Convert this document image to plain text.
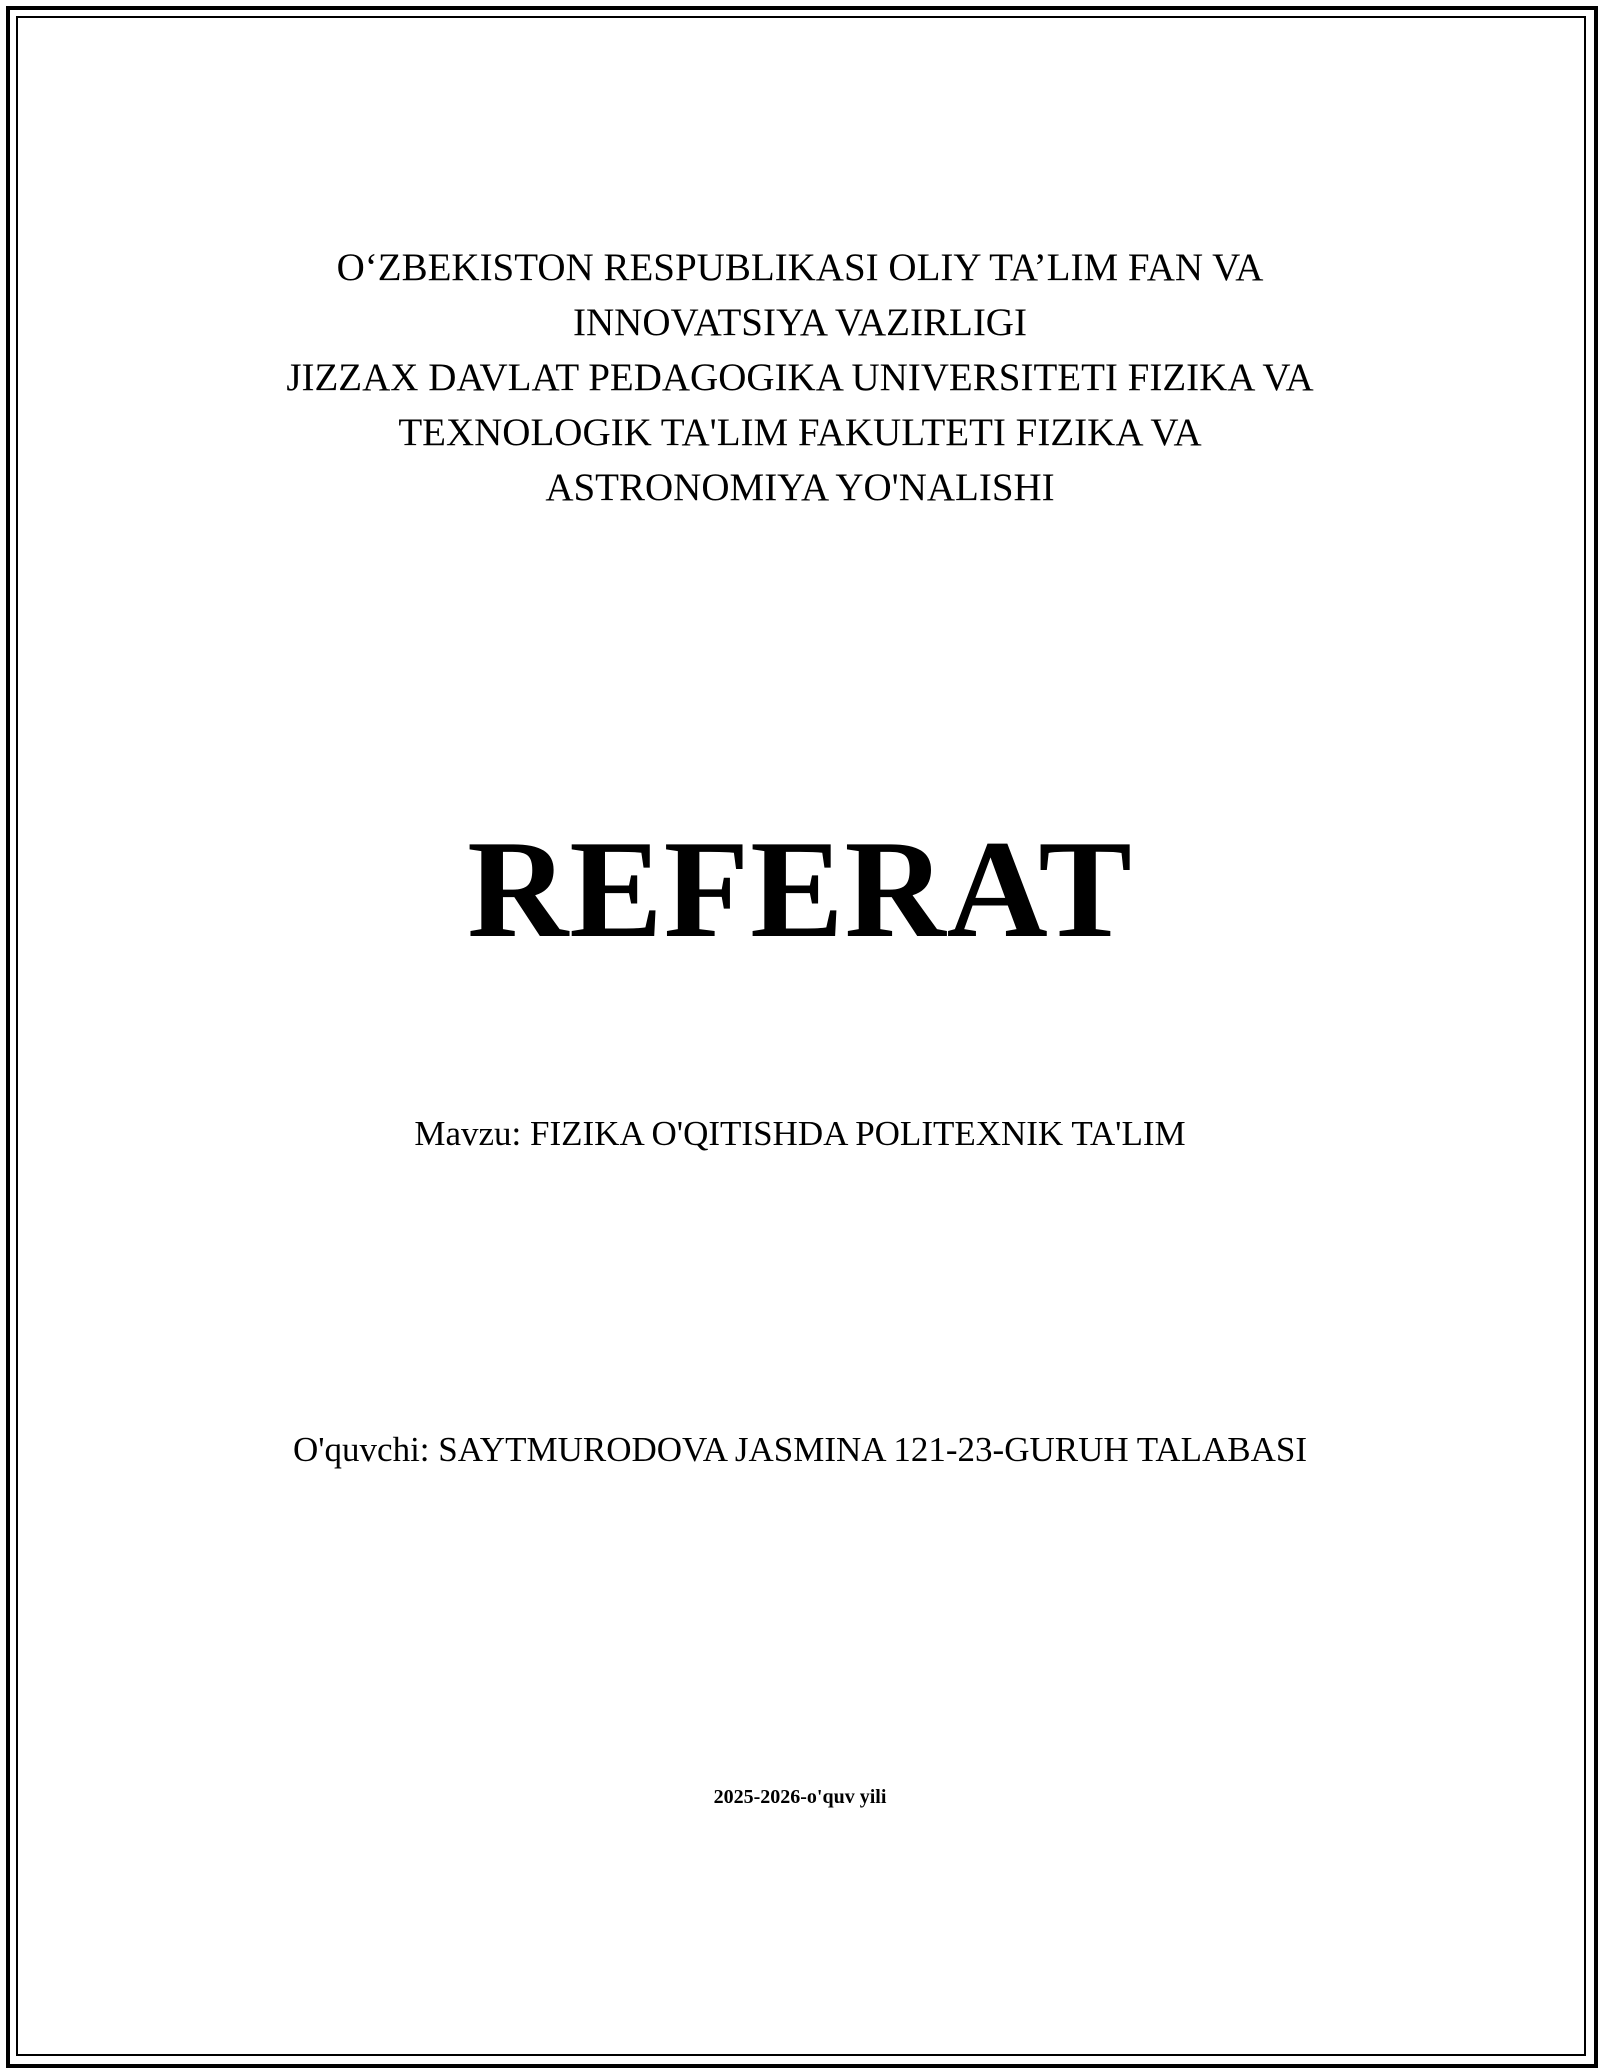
O‘ZBEKISTON RESPUBLIKASI OLIY TA’LIM FAN VA
INNOVATSIYA VAZIRLIGI
JIZZAX DAVLAT PEDAGOGIKA UNIVERSITETI FIZIKA VA
TEXNOLOGIK TA'LIM FAKULTETI FIZIKA VA
ASTRONOMIYA YO'NALISHI
REFERAT
Mavzu: FIZIKA O'QITISHDA POLITEXNIK TA'LIM
O'quvchi: SAYTMURODOVA JASMINA 121-23-GURUH TALABASI
2025-2026-o'quv yili
